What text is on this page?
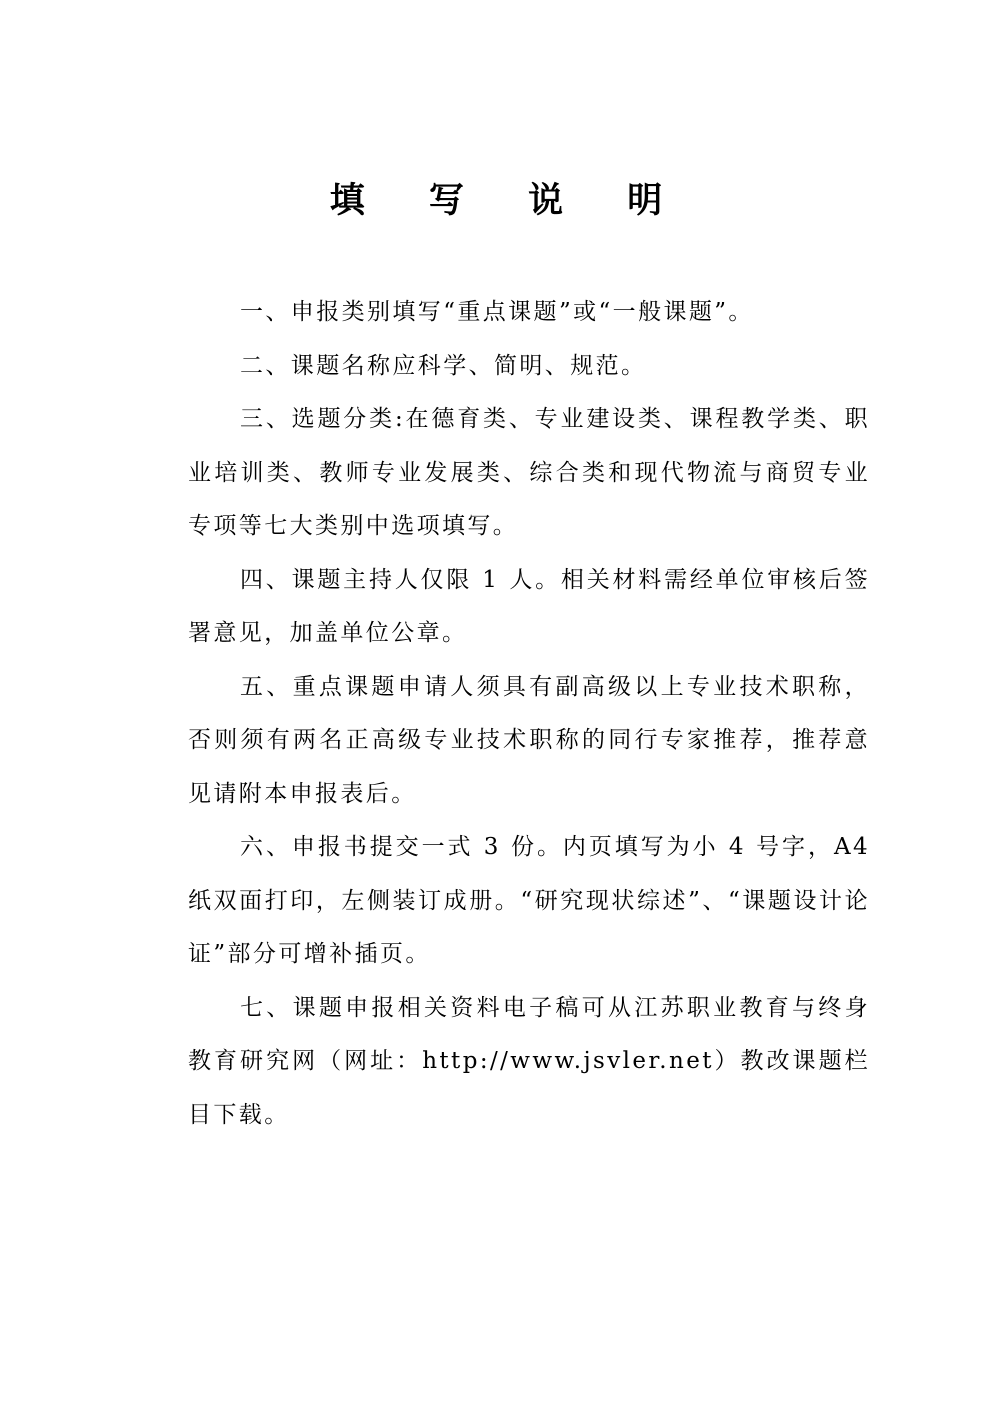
填 写 说 明

一、申报类别填写“重点课题”或“一般课题”。

二、课题名称应科学、简明、规范。

三、选题分类:在德育类、专业建设类、课程教学类、职业培训类、教师专业发展类、综合类和现代物流与商贸专业专项等七大类别中选项填写。

四、课题主持人仅限 1 人。相关材料需经单位审核后签署意见，加盖单位公章。

五、重点课题申请人须具有副高级以上专业技术职称，否则须有两名正高级专业技术职称的同行专家推荐，推荐意见请附本申报表后。

六、申报书提交一式 3 份。内页填写为小 4 号字，A4 纸双面打印，左侧装订成册。“研究现状综述”、“课题设计论证”部分可增补插页。

七、课题申报相关资料电子稿可从江苏职业教育与终身教育研究网（网址：http://www.jsvler.net）教改课题栏目下载。
